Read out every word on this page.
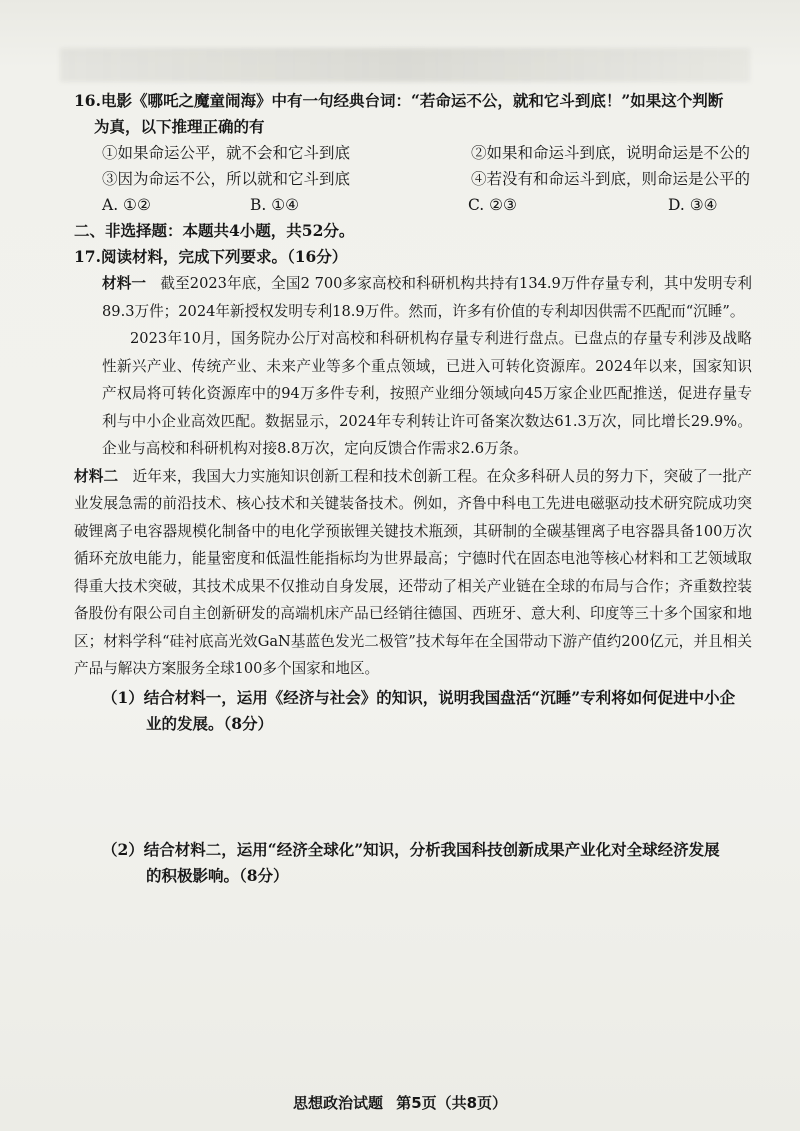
16.电影《哪吒之魔童闹海》中有一句经典台词：“若命运不公，就和它斗到底！”如果这个判断
为真，以下推理正确的有
①如果命运公平，就不会和它斗到底	②如果和命运斗到底，说明命运是不公的
③因为命运不公，所以就和它斗到底	④若没有和命运斗到底，则命运是公平的
A. ①②	B. ①④	C. ②③	D. ③④
二、非选择题：本题共4小题，共52分。
17.阅读材料，完成下列要求。（16分）

材料一 截至2023年底，全国2 700多家高校和科研机构共持有134.9万件存量专利，其中发明专利89.3万件；2024年新授权发明专利18.9万件。然而，许多有价值的专利却因供需不匹配而“沉睡”。

2023年10月，国务院办公厅对高校和科研机构存量专利进行盘点。已盘点的存量专利涉及战略性新兴产业、传统产业、未来产业等多个重点领域，已进入可转化资源库。2024年以来，国家知识产权局将可转化资源库中的94万多件专利，按照产业细分领域向45万家企业匹配推送，促进存量专利与中小企业高效匹配。数据显示，2024年专利转让许可备案次数达61.3万次，同比增长29.9%。企业与高校和科研机构对接8.8万次，定向反馈合作需求2.6万条。

材料二 近年来，我国大力实施知识创新工程和技术创新工程。在众多科研人员的努力下，突破了一批产业发展急需的前沿技术、核心技术和关键装备技术。例如，齐鲁中科电工先进电磁驱动技术研究院成功突破锂离子电容器规模化制备中的电化学预嵌锂关键技术瓶颈，其研制的全碳基锂离子电容器具备100万次循环充放电能力，能量密度和低温性能指标均为世界最高；宁德时代在固态电池等核心材料和工艺领域取得重大技术突破，其技术成果不仅推动自身发展，还带动了相关产业链在全球的布局与合作；齐重数控装备股份有限公司自主创新研发的高端机床产品已经销往德国、西班牙、意大利、印度等三十多个国家和地区；材料学科“硅衬底高光效GaN基蓝色发光二极管”技术每年在全国带动下游产值约200亿元，并且相关产品与解决方案服务全球100多个国家和地区。

（1）结合材料一，运用《经济与社会》的知识，说明我国盘活“沉睡”专利将如何促进中小企
业的发展。（8分）
（2）结合材料二，运用“经济全球化”知识，分析我国科技创新成果产业化对全球经济发展
的积极影响。（8分）
思想政治试题 第5页（共8页）
